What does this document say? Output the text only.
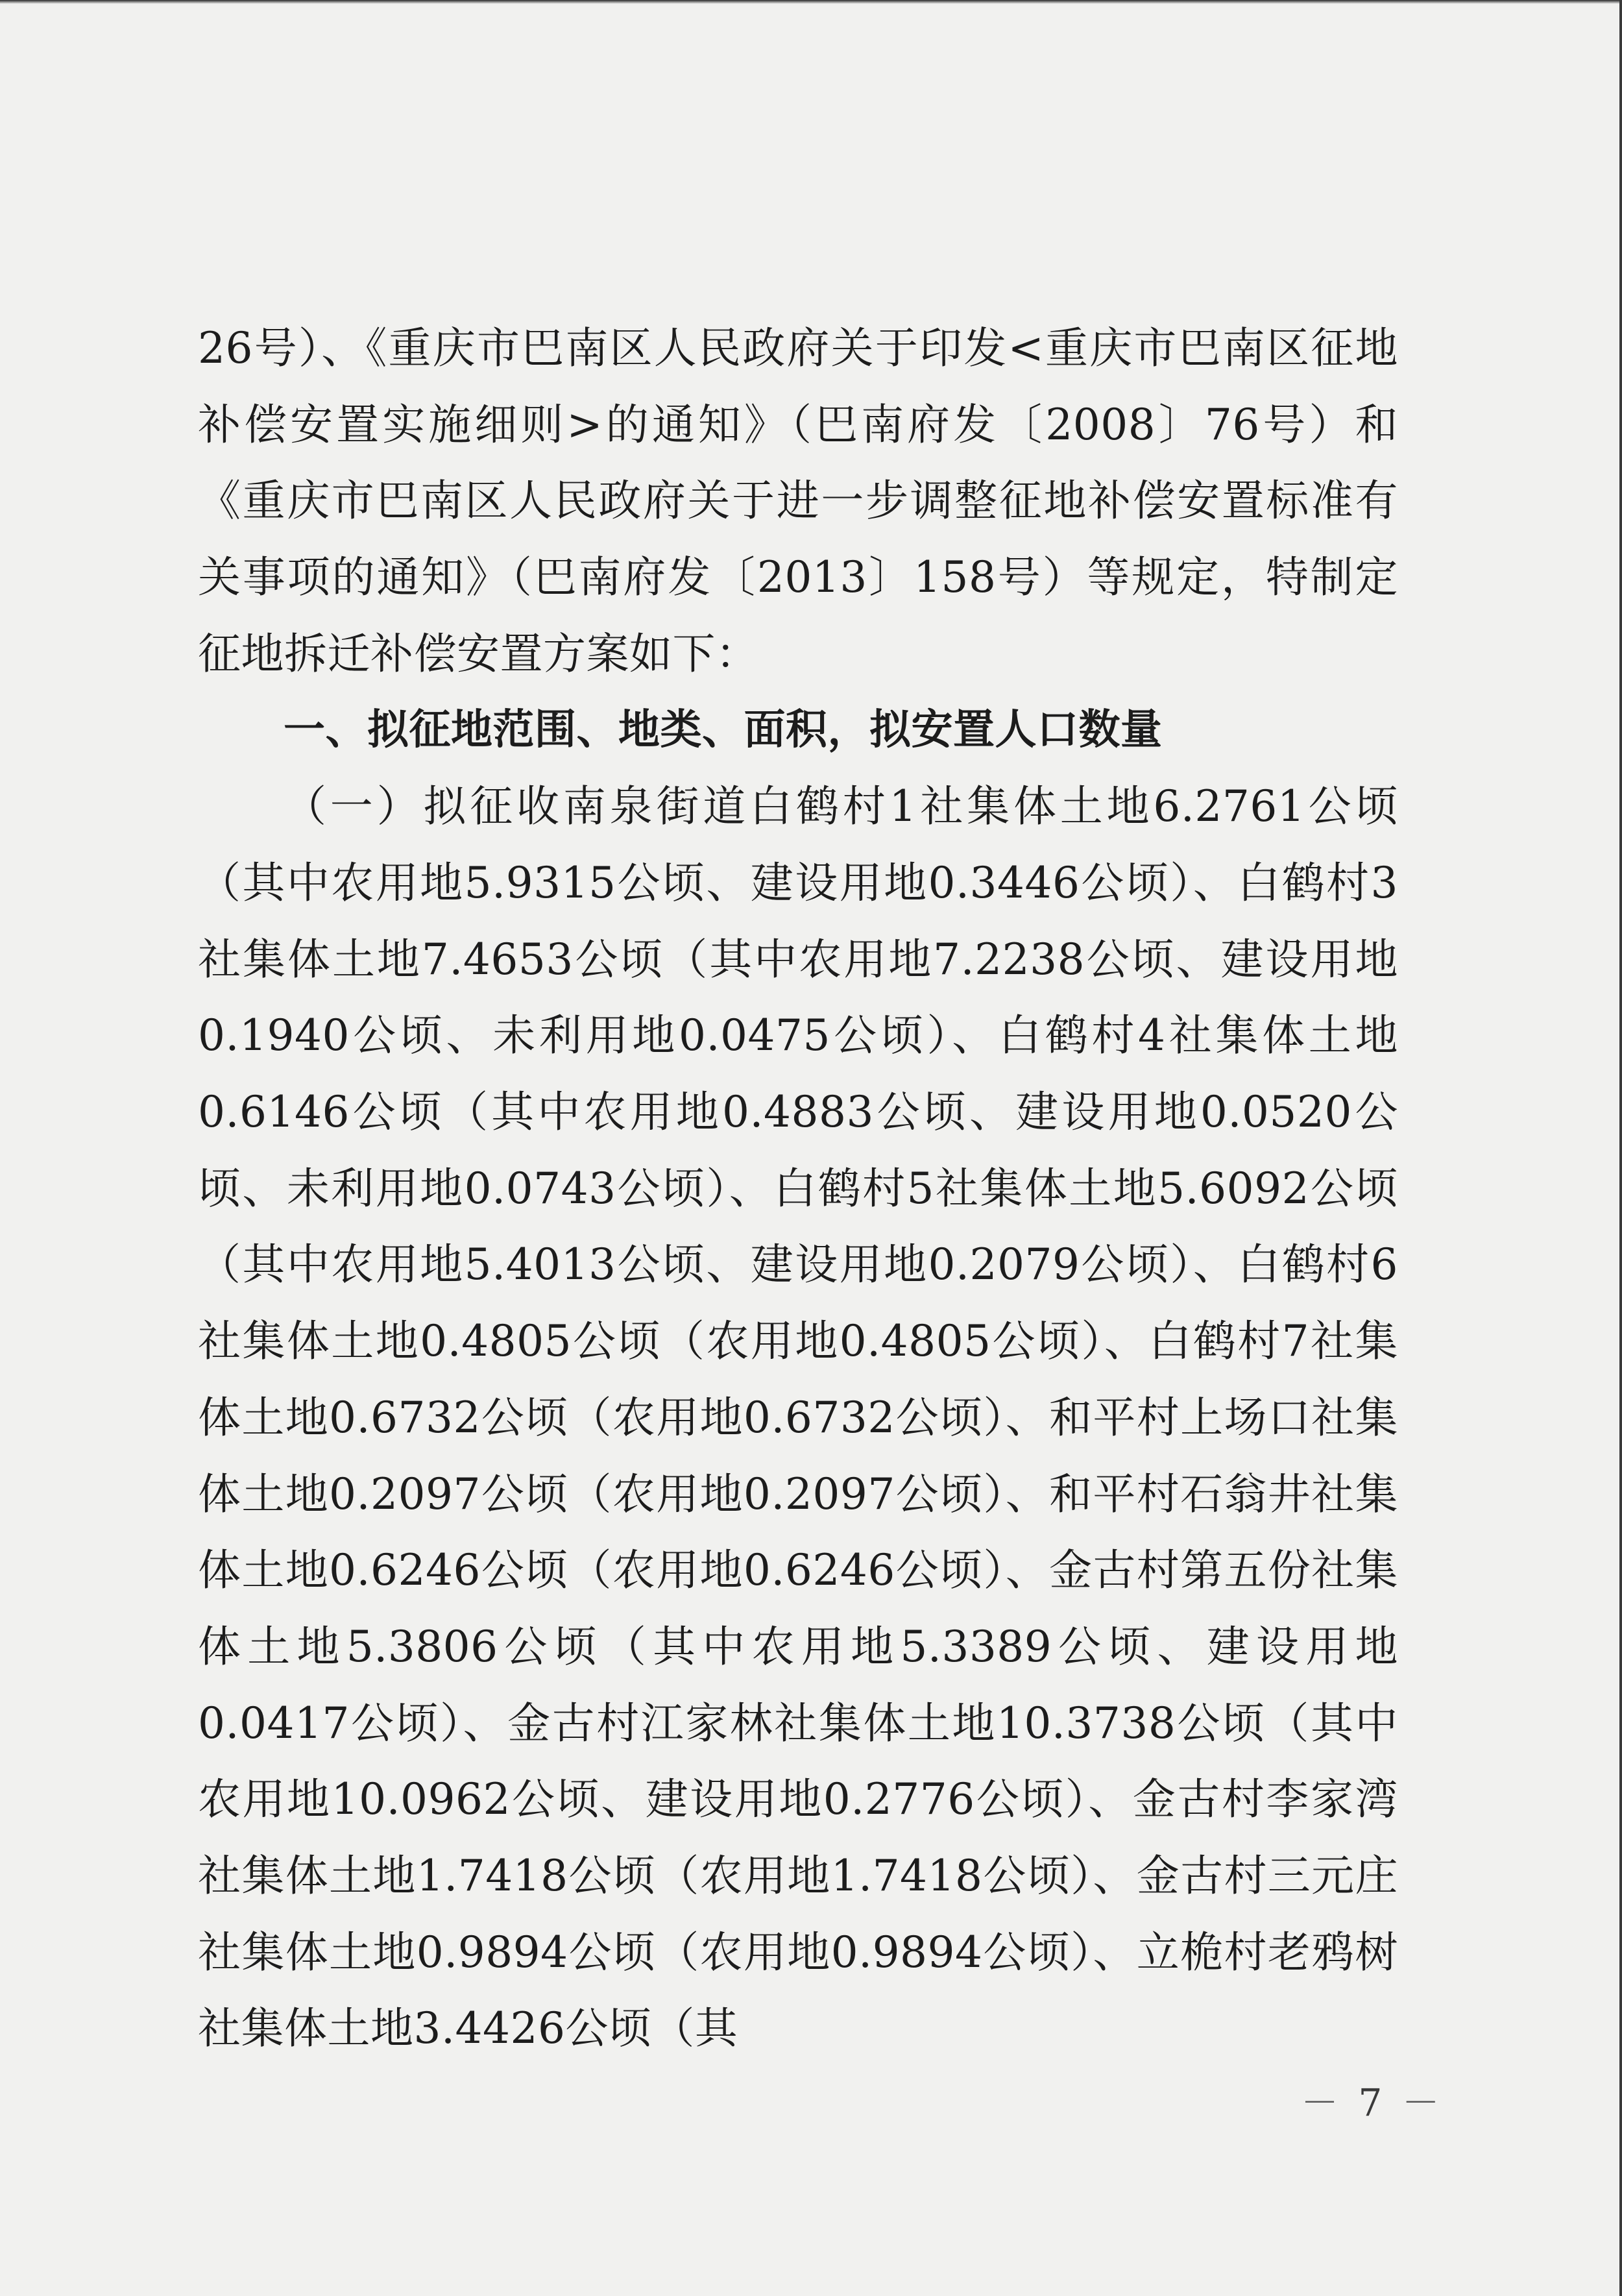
26号）、《重庆市巴南区人民政府关于印发<重庆市巴南区征地补偿安置实施细则>的通知》（巴南府发〔2008〕76号）和《重庆市巴南区人民政府关于进一步调整征地补偿安置标准有关事项的通知》（巴南府发〔2013〕158号）等规定，特制定征地拆迁补偿安置方案如下：

一、拟征地范围、地类、面积，拟安置人口数量

（一）拟征收南泉街道白鹤村1社集体土地6.2761公顷（其中农用地5.9315公顷、建设用地0.3446公顷）、白鹤村3社集体土地7.4653公顷（其中农用地7.2238公顷、建设用地0.1940公顷、未利用地0.0475公顷）、白鹤村4社集体土地0.6146公顷（其中农用地0.4883公顷、建设用地0.0520公顷、未利用地0.0743公顷）、白鹤村5社集体土地5.6092公顷（其中农用地5.4013公顷、建设用地0.2079公顷）、白鹤村6社集体土地0.4805公顷（农用地0.4805公顷）、白鹤村7社集体土地0.6732公顷（农用地0.6732公顷）、和平村上场口社集体土地0.2097公顷（农用地0.2097公顷）、和平村石翁井社集体土地0.6246公顷（农用地0.6246公顷）、金古村第五份社集体土地5.3806公顷（其中农用地5.3389公顷、建设用地0.0417公顷）、金古村江家林社集体土地10.3738公顷（其中农用地10.0962公顷、建设用地0.2776公顷）、金古村李家湾社集体土地1.7418公顷（农用地1.7418公顷）、金古村三元庄社集体土地0.9894公顷（农用地0.9894公顷）、立桅村老鸦树社集体土地3.4426公顷（其

－ 7 －
